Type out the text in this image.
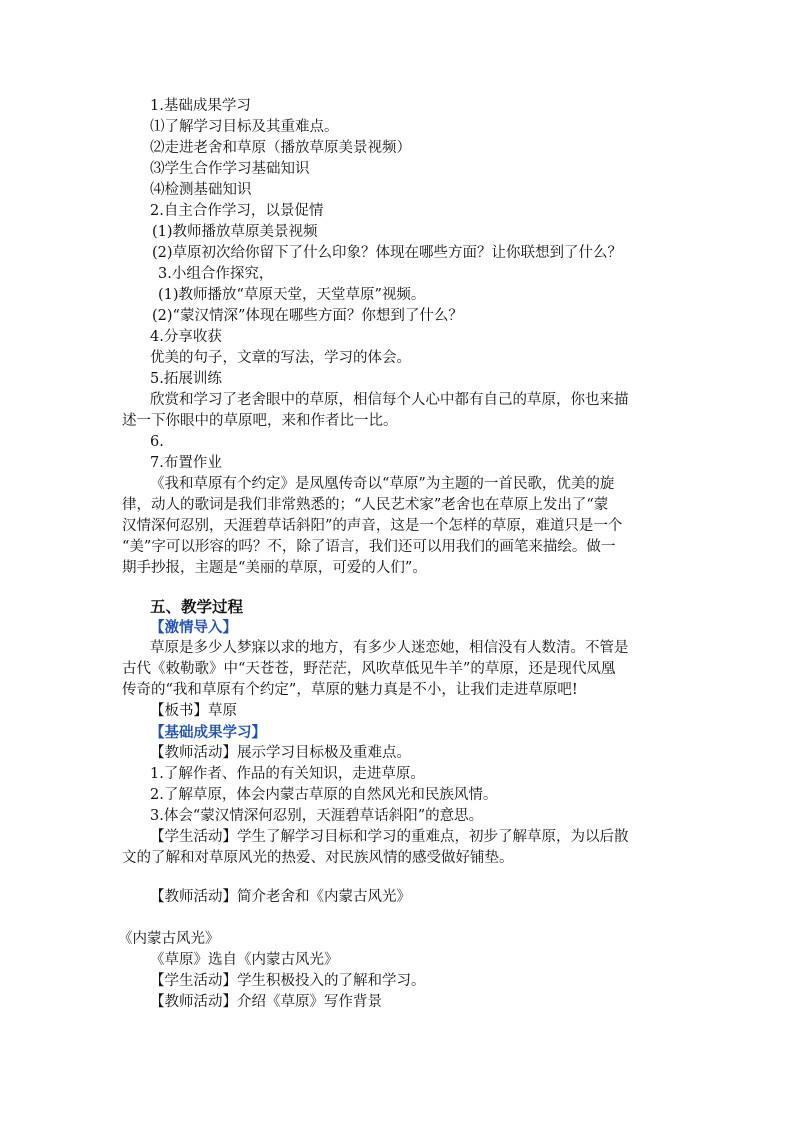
1.基础成果学习
⑴了解学习目标及其重难点。
⑵走进老舍和草原（播放草原美景视频）
⑶学生合作学习基础知识
⑷检测基础知识
2.自主合作学习，以景促情
(1)教师播放草原美景视频
(2)草原初次给你留下了什么印象？体现在哪些方面？让你联想到了什么？
3.小组合作探究，
(1)教师播放“草原天堂，天堂草原”视频。
(2)“蒙汉情深”体现在哪些方面？你想到了什么？
4.分享收获
优美的句子，文章的写法，学习的体会。
5.拓展训练
欣赏和学习了老舍眼中的草原，相信每个人心中都有自己的草原，你也来描
述一下你眼中的草原吧，来和作者比一比。
6.
7.布置作业
《我和草原有个约定》是凤凰传奇以“草原”为主题的一首民歌，优美的旋
律，动人的歌词是我们非常熟悉的；“人民艺术家”老舍也在草原上发出了“蒙
汉情深何忍别，天涯碧草话斜阳”的声音，这是一个怎样的草原，难道只是一个
“美”字可以形容的吗？不，除了语言，我们还可以用我们的画笔来描绘。做一
期手抄报，主题是“美丽的草原，可爱的人们”。
五、教学过程
【激情导入】
草原是多少人梦寐以求的地方，有多少人迷恋她，相信没有人数清。不管是
古代《敕勒歌》中“天苍苍，野茫茫，风吹草低见牛羊”的草原，还是现代凤凰
传奇的“我和草原有个约定”，草原的魅力真是不小，让我们走进草原吧!
【板书】草原
【基础成果学习】
【教师活动】展示学习目标极及重难点。
1.了解作者、作品的有关知识，走进草原。
2.了解草原，体会内蒙古草原的自然风光和民族风情。
3.体会“蒙汉情深何忍别，天涯碧草话斜阳”的意思。
【学生活动】学生了解学习目标和学习的重难点，初步了解草原，为以后散
文的了解和对草原风光的热爱、对民族风情的感受做好铺垫。
【教师活动】简介老舍和《内蒙古风光》
《内蒙古风光》
《草原》选自《内蒙古风光》
【学生活动】学生积极投入的了解和学习。
【教师活动】介绍《草原》写作背景
